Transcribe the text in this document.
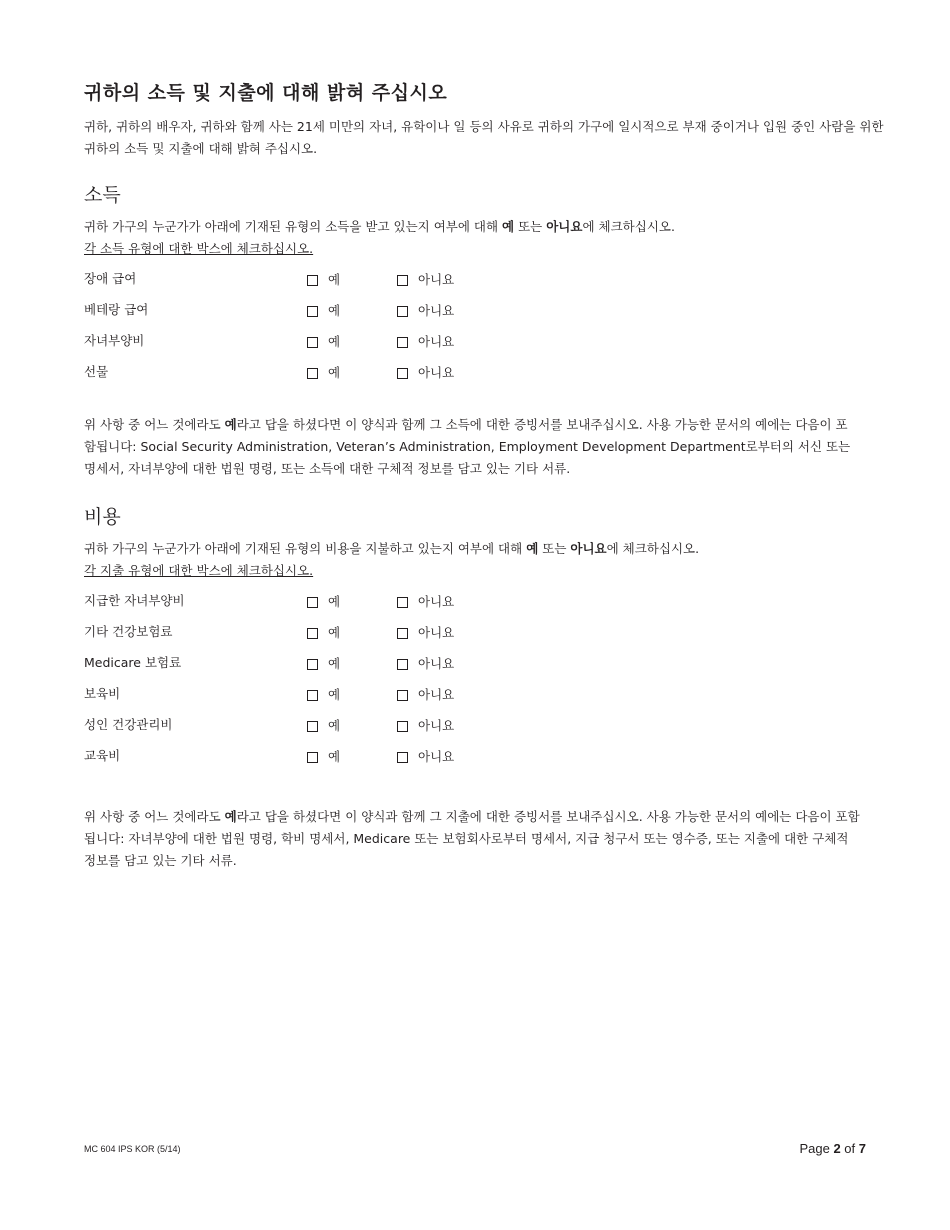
귀하의 소득 및 지출에 대해 밝혀 주십시오

귀하, 귀하의 배우자, 귀하와 함께 사는 21세 미만의 자녀, 유학이나 일 등의 사유로 귀하의 가구에 일시적으로 부재 중이거나 입원 중인 사람을 위한 귀하의 소득 및 지출에 대해 밝혀 주십시오.

소득

귀하 가구의 누군가가 아래에 기재된 유형의 소득을 받고 있는지 여부에 대해 예 또는 아니요에 체크하십시오.
각 소득 유형에 대한 박스에 체크하십시오.

장애 급여	예	아니요
베테랑 급여	예	아니요
자녀부양비	예	아니요
선물	예	아니요

위 사항 중 어느 것에라도 예라고 답을 하셨다면 이 양식과 함께 그 소득에 대한 증빙서를 보내주십시오. 사용 가능한 문서의 예에는 다음이 포함됩니다: Social Security Administration, Veteran’s Administration, Employment Development Department로부터의 서신 또는 명세서, 자녀부양에 대한 법원 명령, 또는 소득에 대한 구체적 정보를 담고 있는 기타 서류.

비용

귀하 가구의 누군가가 아래에 기재된 유형의 비용을 지불하고 있는지 여부에 대해 예 또는 아니요에 체크하십시오.
각 지출 유형에 대한 박스에 체크하십시오.

지급한 자녀부양비	예	아니요
기타 건강보험료	예	아니요
Medicare 보험료	예	아니요
보육비	예	아니요
성인 건강관리비	예	아니요
교육비	예	아니요

위 사항 중 어느 것에라도 예라고 답을 하셨다면 이 양식과 함께 그 지출에 대한 증빙서를 보내주십시오. 사용 가능한 문서의 예에는 다음이 포함됩니다: 자녀부양에 대한 법원 명령, 학비 명세서, Medicare 또는 보험회사로부터 명세서, 지급 청구서 또는 영수증, 또는 지출에 대한 구체적 정보를 담고 있는 기타 서류.

MC 604 IPS KOR (5/14)	Page 2 of 7
